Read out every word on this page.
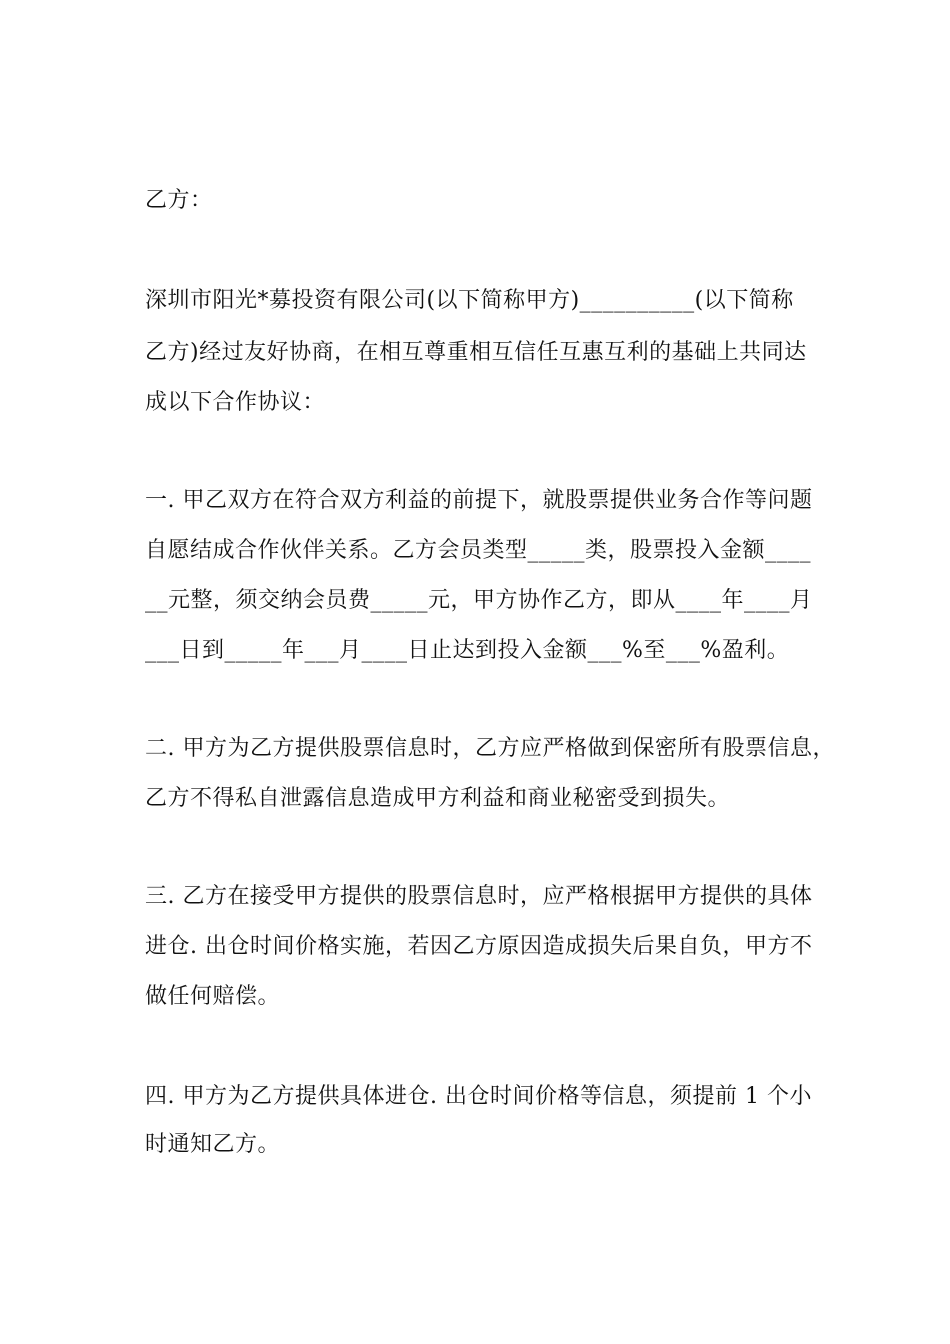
乙方：
深圳市阳光*募投资有限公司(以下简称甲方)__________(以下简称
乙方)经过友好协商，在相互尊重相互信任互惠互利的基础上共同达
成以下合作协议：
一. 甲乙双方在符合双方利益的前提下，就股票提供业务合作等问题
自愿结成合作伙伴关系。乙方会员类型_____类，股票投入金额____
__元整，须交纳会员费_____元，甲方协作乙方，即从____年____月
___日到_____年___月____日止达到投入金额___%至___%盈利。
二. 甲方为乙方提供股票信息时，乙方应严格做到保密所有股票信息，
乙方不得私自泄露信息造成甲方利益和商业秘密受到损失。
三. 乙方在接受甲方提供的股票信息时，应严格根据甲方提供的具体
进仓. 出仓时间价格实施，若因乙方原因造成损失后果自负，甲方不
做任何赔偿。
四. 甲方为乙方提供具体进仓. 出仓时间价格等信息，须提前 1 个小
时通知乙方。
